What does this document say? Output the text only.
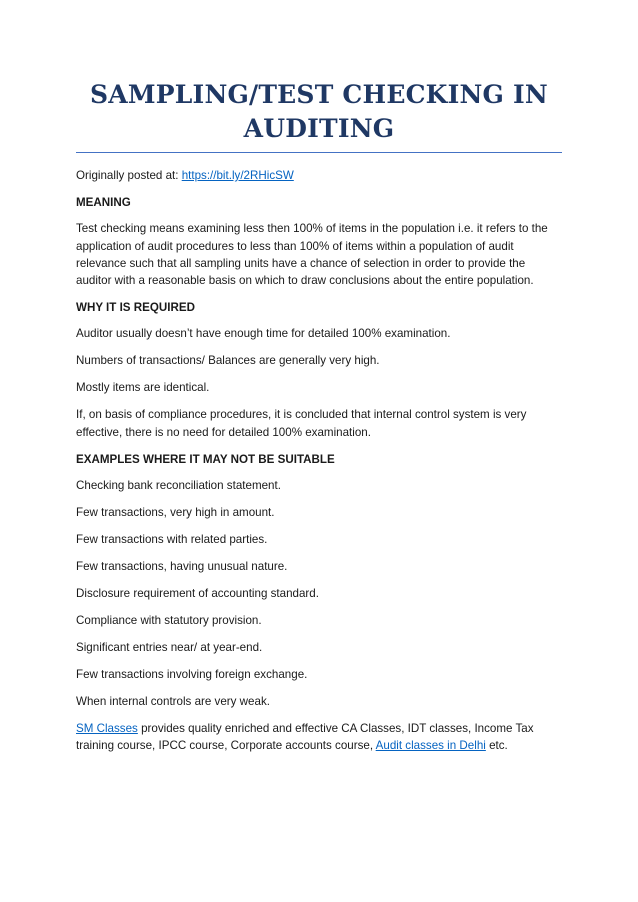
SAMPLING/TEST CHECKING IN
AUDITING

Originally posted at: https://bit.ly/2RHicSW

MEANING

Test checking means examining less then 100% of items in the population i.e. it refers to the application of audit procedures to less than 100% of items within a population of audit relevance such that all sampling units have a chance of selection in order to provide the auditor with a reasonable basis on which to draw conclusions about the entire population.

WHY IT IS REQUIRED

Auditor usually doesn’t have enough time for detailed 100% examination.

Numbers of transactions/ Balances are generally very high.

Mostly items are identical.

If, on basis of compliance procedures, it is concluded that internal control system is very effective, there is no need for detailed 100% examination.

EXAMPLES WHERE IT MAY NOT BE SUITABLE

Checking bank reconciliation statement.

Few transactions, very high in amount.

Few transactions with related parties.

Few transactions, having unusual nature.

Disclosure requirement of accounting standard.

Compliance with statutory provision.

Significant entries near/ at year-end.

Few transactions involving foreign exchange.

When internal controls are very weak.

SM Classes provides quality enriched and effective CA Classes, IDT classes, Income Tax training course, IPCC course, Corporate accounts course, Audit classes in Delhi etc.
